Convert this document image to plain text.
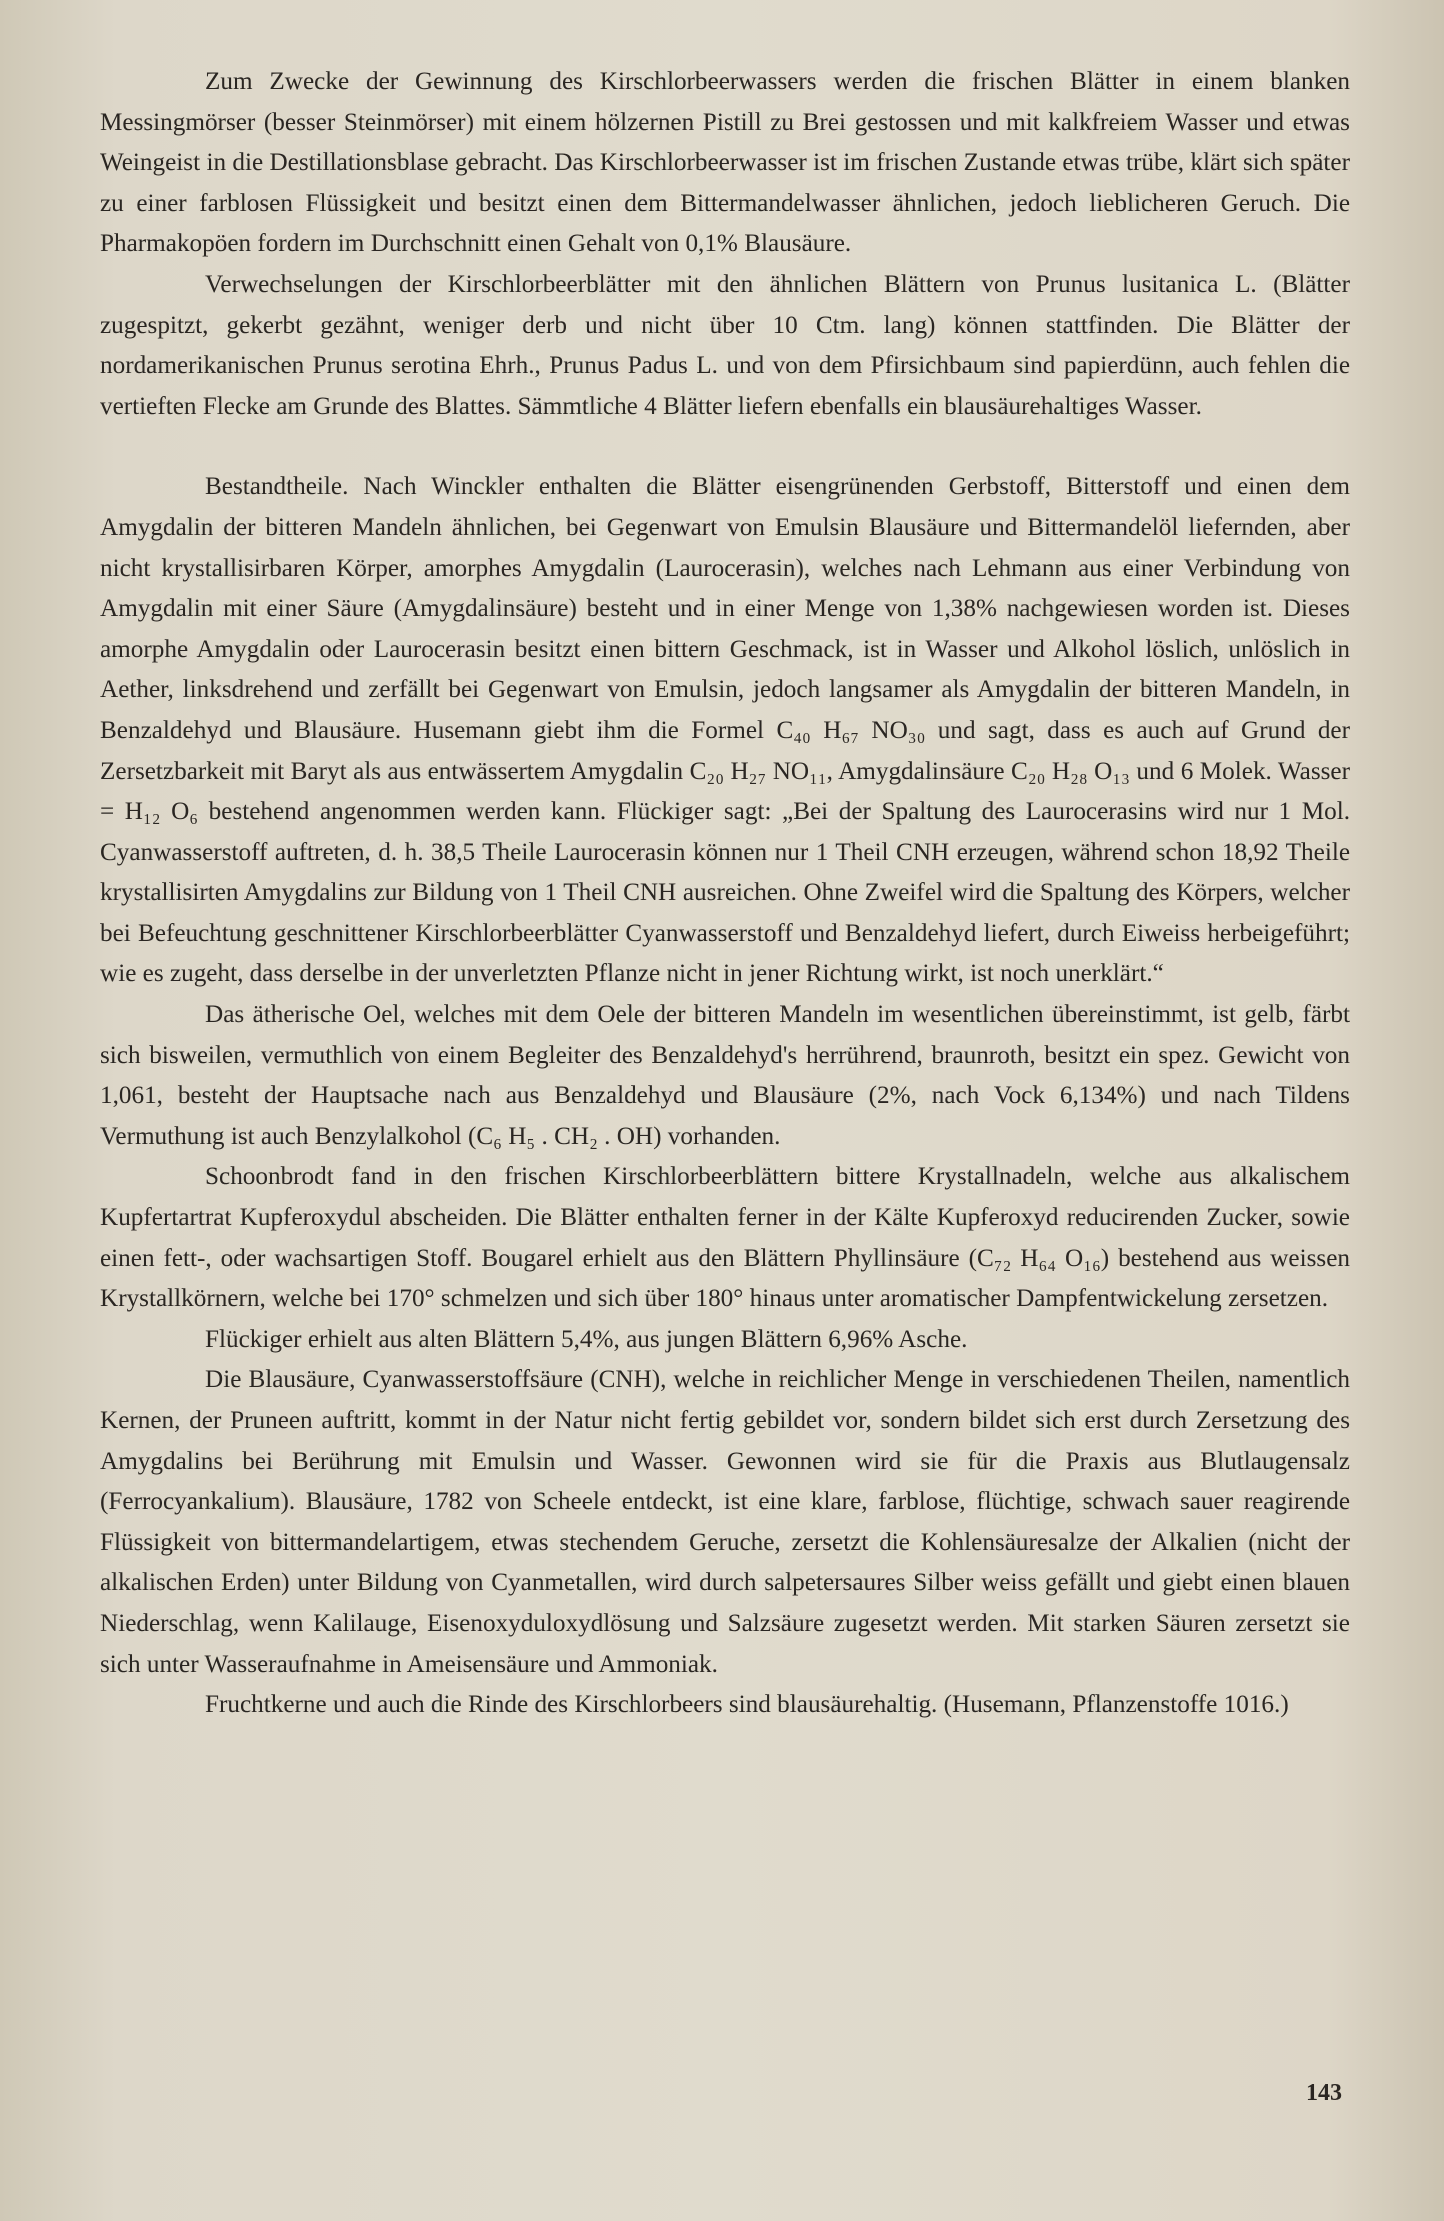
Zum Zwecke der Gewinnung des Kirschlorbeerwassers werden die frischen Blätter in einem blanken Messingmörser (besser Steinmörser) mit einem hölzernen Pistill zu Brei gestossen und mit kalkfreiem Wasser und etwas Weingeist in die Destillationsblase gebracht. Das Kirschlorbeerwasser ist im frischen Zustande etwas trübe, klärt sich später zu einer farblosen Flüssigkeit und besitzt einen dem Bittermandelwasser ähnlichen, jedoch lieblicheren Geruch. Die Pharmakopöen fordern im Durchschnitt einen Gehalt von 0,1% Blausäure.

Verwechselungen der Kirschlorbeerblätter mit den ähnlichen Blättern von Prunus lusitanica L. (Blätter zugespitzt, gekerbt gezähnt, weniger derb und nicht über 10 Ctm. lang) können stattfinden. Die Blätter der nordamerikanischen Prunus serotina Ehrh., Prunus Padus L. und von dem Pfirsichbaum sind papierdünn, auch fehlen die vertieften Flecke am Grunde des Blattes. Sämmtliche 4 Blätter liefern ebenfalls ein blausäurehaltiges Wasser.

Bestandtheile. Nach Winckler enthalten die Blätter eisengrünenden Gerbstoff, Bitterstoff und einen dem Amygdalin der bitteren Mandeln ähnlichen, bei Gegenwart von Emulsin Blausäure und Bittermandelöl liefernden, aber nicht krystallisirbaren Körper, amorphes Amygdalin (Laurocerasin), welches nach Lehmann aus einer Verbindung von Amygdalin mit einer Säure (Amygdalinsäure) besteht und in einer Menge von 1,38% nachgewiesen worden ist. Dieses amorphe Amygdalin oder Laurocerasin besitzt einen bittern Geschmack, ist in Wasser und Alkohol löslich, unlöslich in Aether, linksdrehend und zerfällt bei Gegenwart von Emulsin, jedoch langsamer als Amygdalin der bitteren Mandeln, in Benzaldehyd und Blausäure. Husemann giebt ihm die Formel C₄₀ H₆₇ NO₃₀ und sagt, dass es auch auf Grund der Zersetzbarkeit mit Baryt als aus entwässertem Amygdalin C₂₀ H₂₇ NO₁₁, Amygdalinsäure C₂₀ H₂₈ O₁₃ und 6 Molek. Wasser = H₁₂ O₆ bestehend angenommen werden kann. Flückiger sagt: „Bei der Spaltung des Laurocerasins wird nur 1 Mol. Cyanwasserstoff auftreten, d. h. 38,5 Theile Laurocerasin können nur 1 Theil CNH erzeugen, während schon 18,92 Theile krystallisirten Amygdalins zur Bildung von 1 Theil CNH ausreichen. Ohne Zweifel wird die Spaltung des Körpers, welcher bei Befeuchtung geschnittener Kirschlorbeerblätter Cyanwasserstoff und Benzaldehyd liefert, durch Eiweiss herbeigeführt; wie es zugeht, dass derselbe in der unverletzten Pflanze nicht in jener Richtung wirkt, ist noch unerklärt.“

Das ätherische Oel, welches mit dem Oele der bitteren Mandeln im wesentlichen übereinstimmt, ist gelb, färbt sich bisweilen, vermuthlich von einem Begleiter des Benzaldehyd's herrührend, braunroth, besitzt ein spez. Gewicht von 1,061, besteht der Hauptsache nach aus Benzaldehyd und Blausäure (2%, nach Vock 6,134%) und nach Tildens Vermuthung ist auch Benzylalkohol (C₆ H₅ . CH₂ . OH) vorhanden.

Schoonbrodt fand in den frischen Kirschlorbeerblättern bittere Krystallnadeln, welche aus alkalischem Kupfertartrat Kupferoxydul abscheiden. Die Blätter enthalten ferner in der Kälte Kupferoxyd reducirenden Zucker, sowie einen fett-, oder wachsartigen Stoff. Bougarel erhielt aus den Blättern Phyllinsäure (C₇₂ H₆₄ O₁₆) bestehend aus weissen Krystallkörnern, welche bei 170° schmelzen und sich über 180° hinaus unter aromatischer Dampfentwickelung zersetzen.

Flückiger erhielt aus alten Blättern 5,4%, aus jungen Blättern 6,96% Asche.

Die Blausäure, Cyanwasserstoffsäure (CNH), welche in reichlicher Menge in verschiedenen Theilen, namentlich Kernen, der Pruneen auftritt, kommt in der Natur nicht fertig gebildet vor, sondern bildet sich erst durch Zersetzung des Amygdalins bei Berührung mit Emulsin und Wasser. Gewonnen wird sie für die Praxis aus Blutlaugensalz (Ferrocyankalium). Blausäure, 1782 von Scheele entdeckt, ist eine klare, farblose, flüchtige, schwach sauer reagirende Flüssigkeit von bittermandelartigem, etwas stechendem Geruche, zersetzt die Kohlensäuresalze der Alkalien (nicht der alkalischen Erden) unter Bildung von Cyanmetallen, wird durch salpetersaures Silber weiss gefällt und giebt einen blauen Niederschlag, wenn Kalilauge, Eisenoxyduloxydlösung und Salzsäure zugesetzt werden. Mit starken Säuren zersetzt sie sich unter Wasseraufnahme in Ameisensäure und Ammoniak.

Fruchtkerne und auch die Rinde des Kirschlorbeers sind blausäurehaltig. (Husemann, Pflanzenstoffe 1016.)

143
